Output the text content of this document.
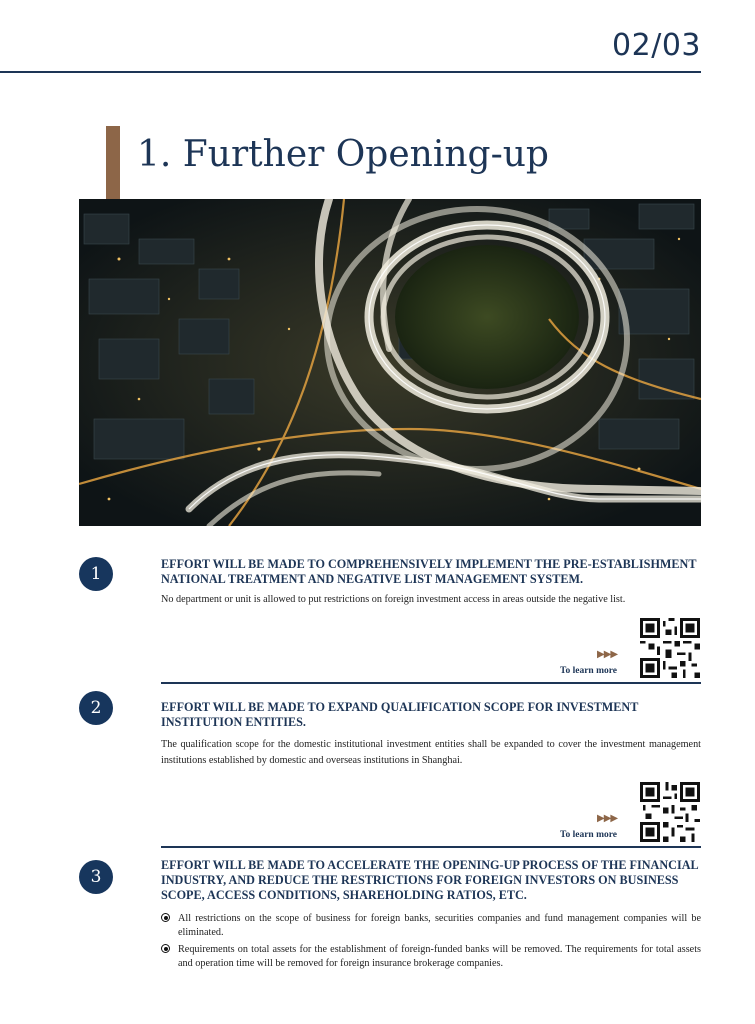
02/03
1. Further Opening-up
1	EFFORT WILL BE MADE TO COMPREHENSIVELY IMPLEMENT THE PRE-ESTABLISHMENT NATIONAL TREATMENT AND NEGATIVE LIST MANAGEMENT SYSTEM.

No department or unit is allowed to put restrictions on foreign investment access in areas outside the negative list.

▶▶▶
To learn more
2	EFFORT WILL BE MADE TO EXPAND QUALIFICATION SCOPE FOR INVESTMENT INSTITUTION ENTITIES.

The qualification scope for the domestic institutional investment entities shall be expanded to cover the investment management institutions established by domestic and overseas institutions in Shanghai.

▶▶▶
To learn more
3

EFFORT WILL BE MADE TO ACCELERATE THE OPENING-UP PROCESS OF THE FINANCIAL INDUSTRY, AND REDUCE THE RESTRICTIONS FOR FOREIGN INVESTORS ON BUSINESS SCOPE, ACCESS CONDITIONS, SHAREHOLDING RATIOS, ETC.

All restrictions on the scope of business for foreign banks, securities companies and fund management companies will be eliminated.
Requirements on total assets for the establishment of foreign-funded banks will be removed. The requirements for total assets and operation time will be removed for foreign insurance brokerage companies.
